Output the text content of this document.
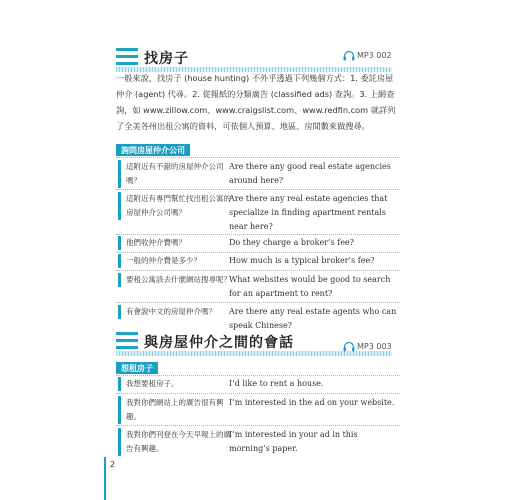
找房子	MP3 002
一般來說，找房子 (house hunting) 不外乎透過下列幾個方式：1. 委託房屋仲介 (agent) 代尋。2. 從報紙的分類廣告 (classified ads) 查詢。3. 上網查詢，如 www.zillow.com、www.craigslist.com、www.redfin.com 就詳列了全美各州出租公寓的資料，可依個人預算、地區、房間數來做搜尋。
詢問房屋仲介公司
這附近有不錯的房屋仲介公司嗎？
Are there any good real estate agencies around here?
這附近有專門幫忙找出租公寓的房屋仲介公司嗎？
Are there any real estate agencies that specialize in finding apartment rentals near here?
他們收仲介費嗎？	Do they charge a broker’s fee?
一般的仲介費是多少？	How much is a typical broker’s fee?
要租公寓該去什麼網站搜尋呢？
What websites would be good to search for an apartment to rent?
有會說中文的房屋仲介嗎？	Are there any real estate agents who can speak Chinese?
與房屋仲介之間的會話	MP3 003
想租房子
我想要租房子。	I’d like to rent a house.
我對你們網站上的廣告很有興趣。
I’m interested in the ad on your website.
我對你們刊登在今天早報上的廣告有興趣。
I’m interested in your ad in this morning’s paper.
2
